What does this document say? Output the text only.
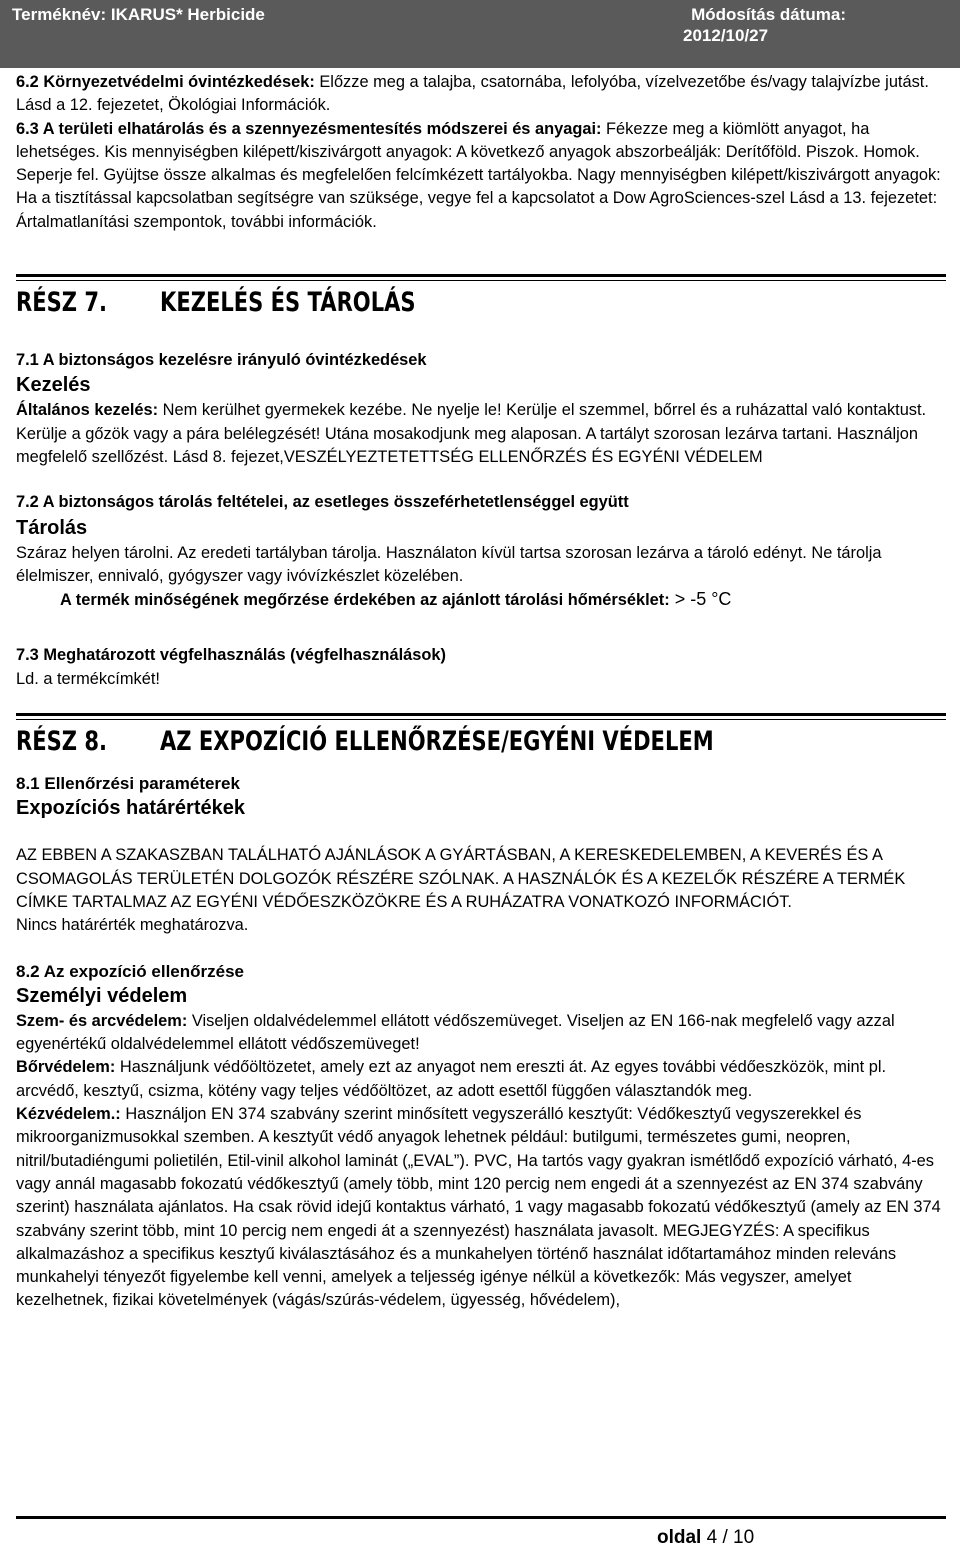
Terméknév: IKARUS* Herbicide	Módosítás dátuma:
2012/10/27

6.2 Környezetvédelmi óvintézkedések: Előzze meg a talajba, csatornába, lefolyóba, vízelvezetőbe és/vagy talajvízbe jutást. Lásd a 12. fejezetet, Ökológiai Információk.

6.3 A területi elhatárolás és a szennyezésmentesítés módszerei és anyagai: Fékezze meg a kiömlött anyagot, ha lehetséges. Kis mennyiségben kilépett/kiszivárgott anyagok: A következő anyagok abszorbeálják: Derítőföld. Piszok. Homok. Seperje fel. Gyüjtse össze alkalmas és megfelelően felcímkézett tartályokba. Nagy mennyiségben kilépett/kiszivárgott anyagok: Ha a tisztítással kapcsolatban segítségre van szüksége, vegye fel a kapcsolatot a Dow AgroSciences-szel Lásd a 13. fejezetet: Ártalmatlanítási szempontok, további információk.

RÉSZ 7. KEZELÉS ÉS TÁROLÁS

7.1 A biztonságos kezelésre irányuló óvintézkedések

Kezelés

Általános kezelés: Nem kerülhet gyermekek kezébe. Ne nyelje le! Kerülje el szemmel, bőrrel és a ruházattal való kontaktust. Kerülje a gőzök vagy a pára belélegzését! Utána mosakodjunk meg alaposan. A tartályt szorosan lezárva tartani. Használjon megfelelő szellőzést. Lásd 8. fejezet,VESZÉLYEZTETETTSÉG ELLENŐRZÉS ÉS EGYÉNI VÉDELEM

7.2 A biztonságos tárolás feltételei, az esetleges összeférhetetlenséggel együtt

Tárolás

Száraz helyen tárolni. Az eredeti tartályban tárolja. Használaton kívül tartsa szorosan lezárva a tároló edényt. Ne tárolja élelmiszer, ennivaló, gyógyszer vagy ivóvízkészlet közelében.

A termék minőségének megőrzése érdekében az ajánlott tárolási hőmérséklet: > -5 °C

7.3 Meghatározott végfelhasználás (végfelhasználások)

Ld. a termékcímkét!

RÉSZ 8. AZ EXPOZÍCIÓ ELLENŐRZÉSE/EGYÉNI VÉDELEM

8.1 Ellenőrzési paraméterek

Expozíciós határértékek

AZ EBBEN A SZAKASZBAN TALÁLHATÓ AJÁNLÁSOK A GYÁRTÁSBAN, A KERESKEDELEMBEN, A KEVERÉS ÉS A CSOMAGOLÁS TERÜLETÉN DOLGOZÓK RÉSZÉRE SZÓLNAK. A HASZNÁLÓK ÉS A KEZELŐK RÉSZÉRE A TERMÉK CÍMKE TARTALMAZ AZ EGYÉNI VÉDŐESZKÖZÖKRE ÉS A RUHÁZATRA VONATKOZÓ INFORMÁCIÓT.

Nincs határérték meghatározva.

8.2 Az expozíció ellenőrzése

Személyi védelem

Szem- és arcvédelem: Viseljen oldalvédelemmel ellátott védőszemüveget. Viseljen az EN 166-nak megfelelő vagy azzal egyenértékű oldalvédelemmel ellátott védőszemüveget!

Bőrvédelem: Használjunk védőöltözetet, amely ezt az anyagot nem ereszti át. Az egyes további védőeszközök, mint pl. arcvédő, kesztyű, csizma, kötény vagy teljes védőöltözet, az adott esettől függően választandók meg.

Kézvédelem.: Használjon EN 374 szabvány szerint minősített vegyszerálló kesztyűt: Védőkesztyű vegyszerekkel és mikroorganizmusokkal szemben. A kesztyűt védő anyagok lehetnek például: butilgumi, természetes gumi, neopren, nitril/butadiéngumi polietilén, Etil-vinil alkohol laminát („EVAL”). PVC, Ha tartós vagy gyakran ismétlődő expozíció várható, 4-es vagy annál magasabb fokozatú védőkesztyű (amely több, mint 120 percig nem engedi át a szennyezést az EN 374 szabvány szerint) használata ajánlatos. Ha csak rövid idejű kontaktus várható, 1 vagy magasabb fokozatú védőkesztyű (amely az EN 374 szabvány szerint több, mint 10 percig nem engedi át a szennyezést) használata javasolt. MEGJEGYZÉS: A specifikus alkalmazáshoz a specifikus kesztyű kiválasztásához és a munkahelyen történő használat időtartamához minden releváns munkahelyi tényezőt figyelembe kell venni, amelyek a teljesség igénye nélkül a következők: Más vegyszer, amelyet kezelhetnek, fizikai követelmények (vágás/szúrás-védelem, ügyesség, hővédelem),

oldal 4 / 10
